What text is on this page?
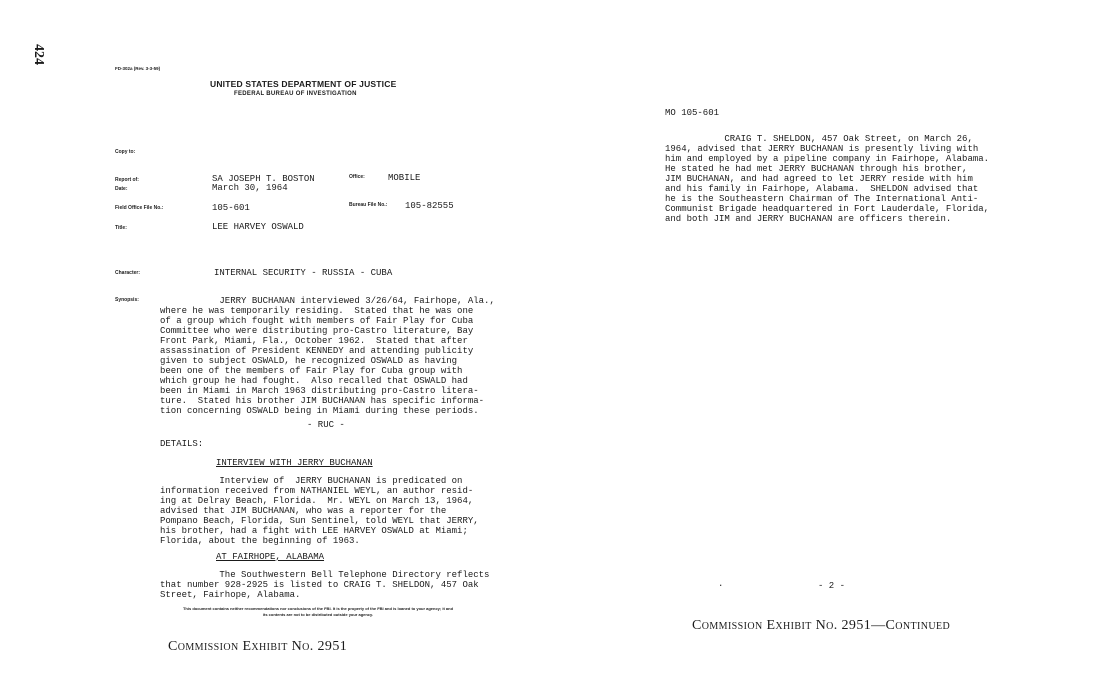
424
FD-302a (Rev. 3-3-59)
UNITED STATES DEPARTMENT OF JUSTICE
FEDERAL BUREAU OF INVESTIGATION
Copy to:
Report of:	SA JOSEPH T. BOSTON	Office:	MOBILE
Date:	March 30, 1964
Field Office File No.:	105-601	Bureau File No.: 105-82555
Title:	LEE HARVEY OSWALD
Character:	INTERNAL SECURITY - RUSSIA - CUBA
Synopsis: JERRY BUCHANAN interviewed 3/26/64, Fairhope, Ala.,
where he was temporarily residing.  Stated that he was one
of a group which fought with members of Fair Play for Cuba
Committee who were distributing pro-Castro literature, Bay
Front Park, Miami, Fla., October 1962.  Stated that after
assassination of President KENNEDY and attending publicity
given to subject OSWALD, he recognized OSWALD as having
been one of the members of Fair Play for Cuba group with
which group he had fought.  Also recalled that OSWALD had
been in Miami in March 1963 distributing pro-Castro litera-
ture.  Stated his brother JIM BUCHANAN has specific informa-
tion concerning OSWALD being in Miami during these periods.
- RUC -
DETAILS:
INTERVIEW WITH JERRY BUCHANAN
Interview of  JERRY BUCHANAN is predicated on
information received from NATHANIEL WEYL, an author resid-
ing at Delray Beach, Florida.  Mr. WEYL on March 13, 1964,
advised that JIM BUCHANAN, who was a reporter for the
Pompano Beach, Florida, Sun Sentinel, told WEYL that JERRY,
his brother, had a fight with LEE HARVEY OSWALD at Miami;
Florida, about the beginning of 1963.
AT FAIRHOPE, ALABAMA
The Southwestern Bell Telephone Directory reflects
that number 928-2925 is listed to CRAIG T. SHELDON, 457 Oak
Street, Fairhope, Alabama.
This document contains neither recommendations nor conclusions of the FBI. It is the property of the FBI and is loaned to your agency; it and
its contents are not to be distributed outside your agency.
Commission Exhibit No. 2951
MO 105-601
CRAIG T. SHELDON, 457 Oak Street, on March 26,
1964, advised that JERRY BUCHANAN is presently living with
him and employed by a pipeline company in Fairhope, Alabama.
He stated he had met JERRY BUCHANAN through his brother,
JIM BUCHANAN, and had agreed to let JERRY reside with him
and his family in Fairhope, Alabama.  SHELDON advised that
he is the Southeastern Chairman of The International Anti-
Communist Brigade headquartered in Fort Lauderdale, Florida,
and both JIM and JERRY BUCHANAN are officers therein.
.	- 2 -
Commission Exhibit No. 2951—Continued
